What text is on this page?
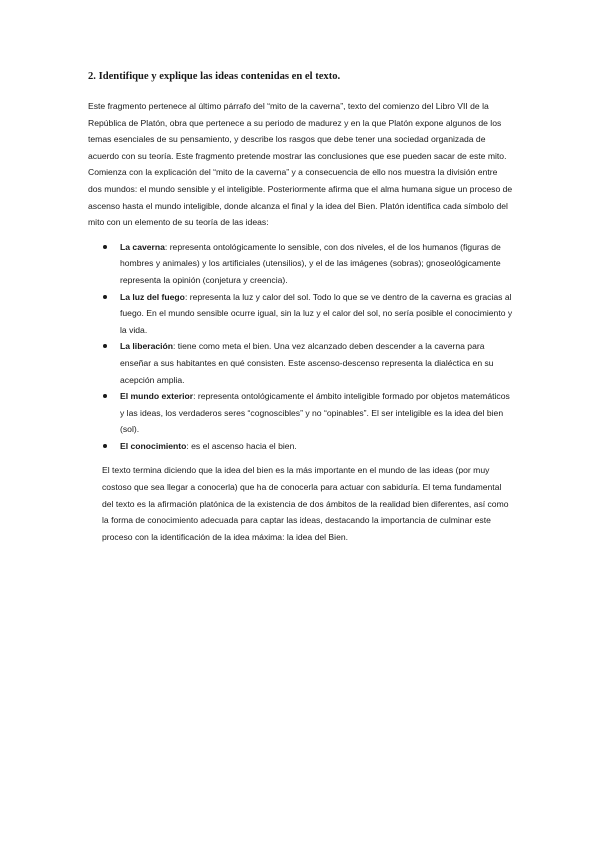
2. Identifique y explique las ideas contenidas en el texto.

Este fragmento pertenece al último párrafo del “mito de la caverna”, texto del comienzo del Libro VII de la República de Platón, obra que pertenece a su periodo de madurez y en la que Platón expone algunos de los temas esenciales de su pensamiento, y describe los rasgos que debe tener una sociedad organizada de acuerdo con su teoría. Este fragmento pretende mostrar las conclusiones que ese pueden sacar de este mito. Comienza con la explicación del “mito de la caverna” y a consecuencia de ello nos muestra la división entre dos mundos: el mundo sensible y el inteligible. Posteriormente afirma que el alma humana sigue un proceso de ascenso hasta el mundo inteligible, donde alcanza el final y la idea del Bien. Platón identifica cada símbolo del mito con un elemento de su teoría de las ideas:

La caverna: representa ontológicamente lo sensible, con dos niveles, el de los humanos (figuras de hombres y animales) y los artificiales (utensilios), y el de las imágenes (sobras); gnoseológicamente representa la opinión (conjetura y creencia).
La luz del fuego: representa la luz y calor del sol. Todo lo que se ve dentro de la caverna es gracias al fuego. En el mundo sensible ocurre igual, sin la luz y el calor del sol, no sería posible el conocimiento y la vida.
La liberación: tiene como meta el bien. Una vez alcanzado deben descender a la caverna para enseñar a sus habitantes en qué consisten. Este ascenso-descenso representa la dialéctica en su acepción amplia.
El mundo exterior: representa ontológicamente el ámbito inteligible formado por objetos matemáticos y las ideas, los verdaderos seres “cognoscibles” y no “opinables”. El ser inteligible es la idea del bien (sol).
El conocimiento: es el ascenso hacia el bien.

El texto termina diciendo que la idea del bien es la más importante en el mundo de las ideas (por muy costoso que sea llegar a conocerla) que ha de conocerla para actuar con sabiduría. El tema fundamental del texto es la afirmación platónica de la existencia de dos ámbitos de la realidad bien diferentes, así como la forma de conocimiento adecuada para captar las ideas, destacando la importancia de culminar este proceso con la identificación de la idea máxima: la idea del Bien.
